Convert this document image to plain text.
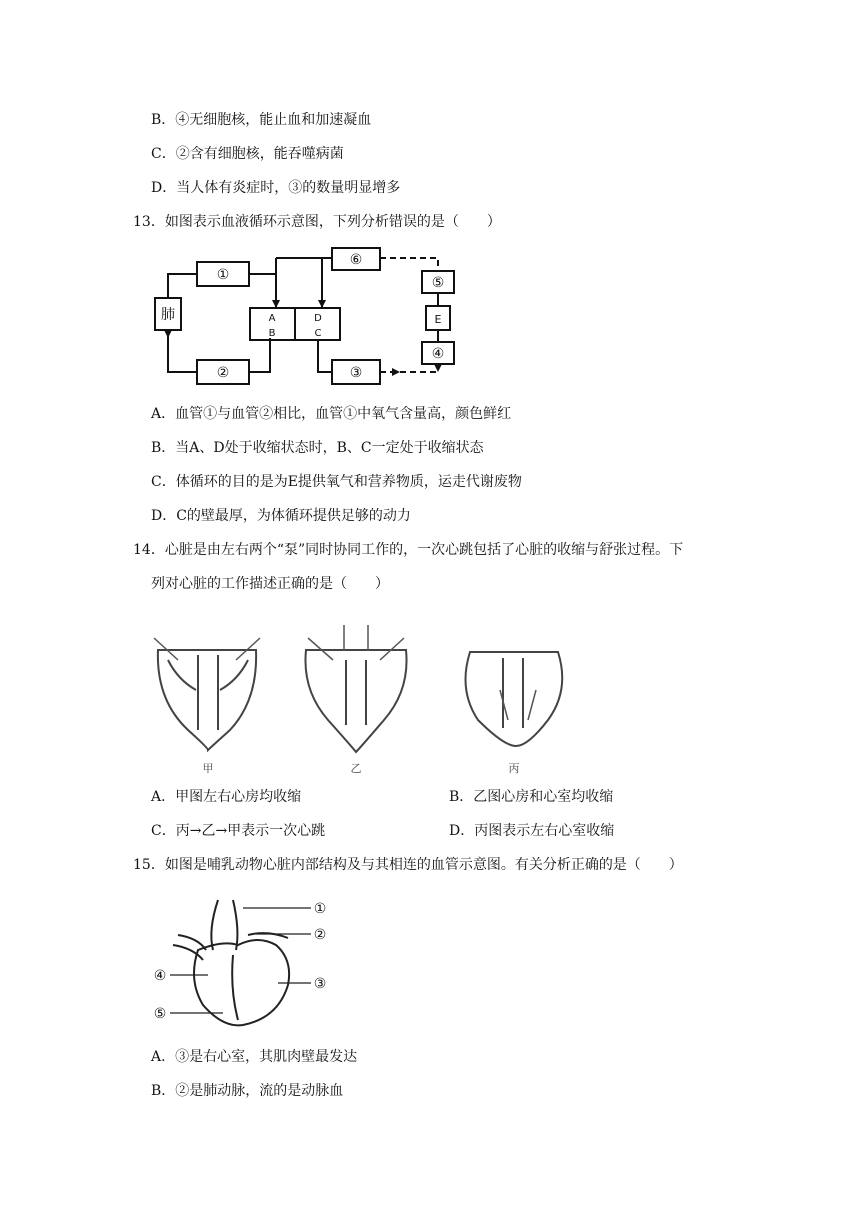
B．④无细胞核，能止血和加速凝血
C．②含有细胞核，能吞噬病菌
D．当人体有炎症时，③的数量明显增多
13．如图表示血液循环示意图，下列分析错误的是（　　）
肺
①
②	③
④
⑤
⑥
E
A
B
D
C
A．血管①与血管②相比，血管①中氧气含量高，颜色鲜红
B．当A、D处于收缩状态时，B、C一定处于收缩状态
C．体循环的目的是为E提供氧气和营养物质，运走代谢废物
D．C的壁最厚，为体循环提供足够的动力
14．心脏是由左右两个“泵”同时协同工作的，一次心跳包括了心脏的收缩与舒张过程。下
列对心脏的工作描述正确的是（　　）
甲	乙	丙
A．甲图左右心房均收缩	B．乙图心房和心室均收缩
C．丙→乙→甲表示一次心跳	D．丙图表示左右心室收缩
15．如图是哺乳动物心脏内部结构及与其相连的血管示意图。有关分析正确的是（　　）
①
②
③
④
⑤
A．③是右心室，其肌肉壁最发达
B．②是肺动脉，流的是动脉血
